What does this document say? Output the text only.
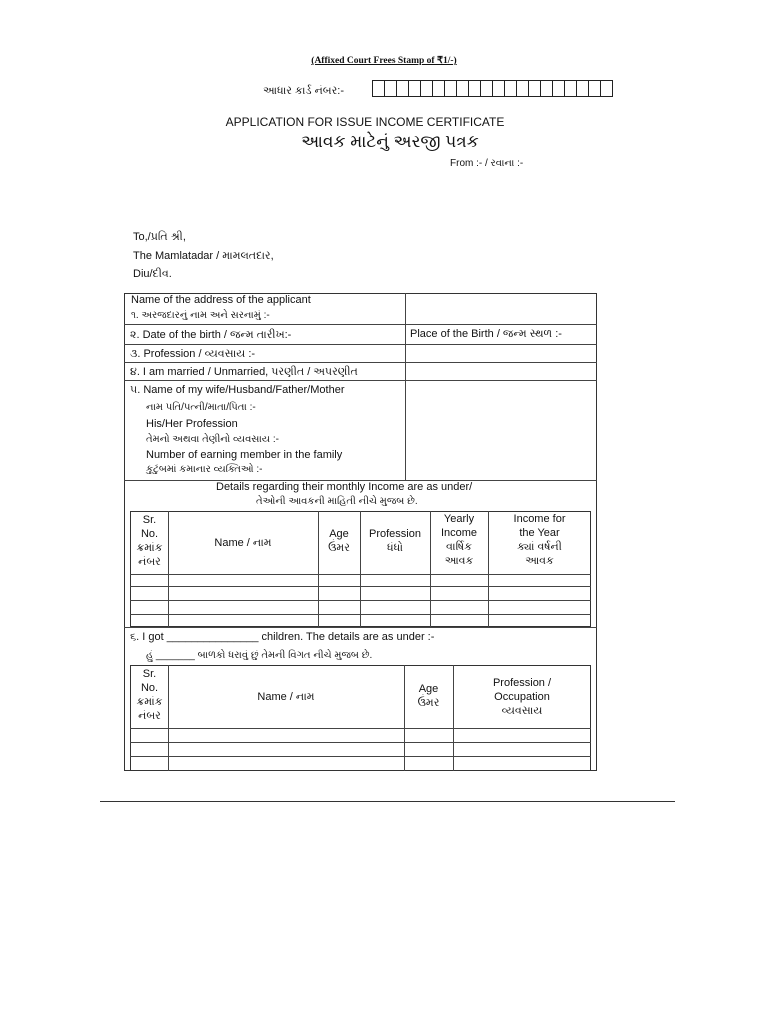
(Affixed Court Frees Stamp of ₹1/-)
આધાર કાર્ડ નંબર:-
APPLICATION FOR ISSUE INCOME CERTIFICATE
આવક માટેનું અરજી પત્રક
From :- / રવાના :-
To,/પ્રતિ શ્રી,
The Mamlatadar / મામલતદાર,
Diu/દીવ.
Name of the address of the applicant
૧. અરજદારનું નામ અને સરનામું :-
૨. Date of the birth / જન્મ તારીખ:-	Place of the Birth / જન્મ સ્થળ :-
૩. Profession / વ્યવસાય :-
૪. I am married / Unmarried, પરણીત / અપરણીત
૫. Name of my wife/Husband/Father/Mother
નામ પતિ/પત્ની/માતા/પિતા :-
His/Her Profession
તેમનો અથવા તેણીનો વ્યવસાય :-
Number of earning member in the family
કુટુંબમાં કમાનાર વ્યક્તિઓ :-
Details regarding their monthly Income are as under/
તેઓની આવકની માહિતી નીચે મુજબ છે.
Sr.
No.
ક્રમાંક
નંબર
Name / નામ
Age
ઉંમર
Profession
ધંધો
Yearly
Income
વાર્ષિક
આવક
Income for
the Year
ક્યાં વર્ષની
આવક
૬. I got _______________ children. The details are as under :-
હું _______ બાળકો ધરાવું છું તેમની વિગત નીચે મુજબ છે.
Sr.
No.
ક્રમાંક
નંબર
Name / નામ
Age
ઉંમર
Profession /
Occupation
વ્યવસાય
